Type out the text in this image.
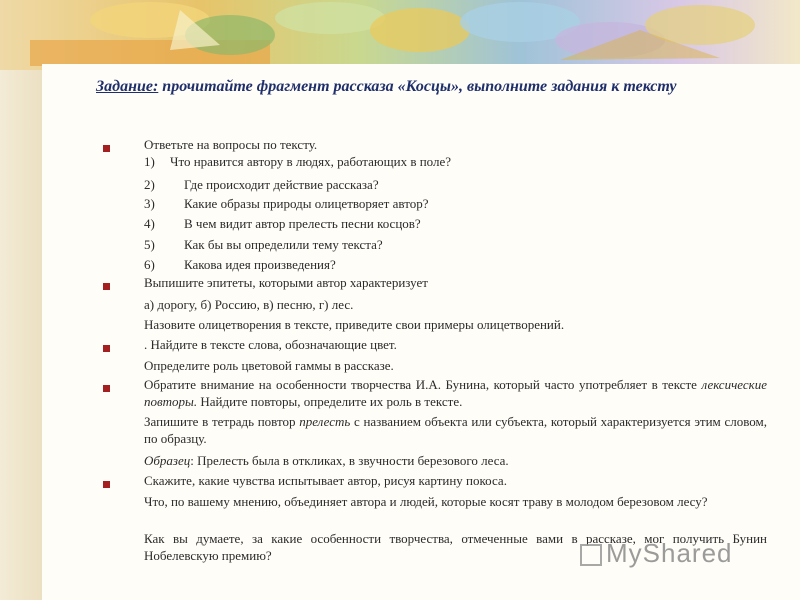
Задание: прочитайте фрагмент рассказа «Косцы», выполните задания к тексту
Ответьте на вопросы по тексту.
1) Что нравится автору в людях, работающих в поле?
2) Где происходит действие рассказа?
3) Какие образы природы олицетворяет автор?
4) В чем видит автор прелесть песни косцов?
5) Как бы вы определили тему текста?
6) Какова идея произведения?
Выпишите эпитеты, которыми автор характеризует
а) дорогу, б) Россию, в) песню, г) лес.
Назовите олицетворения в тексте, приведите свои примеры олицетворений.
. Найдите в тексте слова, обозначающие цвет.
Определите роль цветовой гаммы в рассказе.
Обратите внимание на особенности творчества И.А. Бунина, который часто употребляет в тексте лексические повторы. Найдите повторы, определите их роль в тексте.
Запишите в тетрадь повтор прелесть с названием объекта или субъекта, который характеризуется этим словом, по образцу.
Образец: Прелесть была в откликах, в звучности березового леса.
Скажите, какие чувства испытывает автор, рисуя картину покоса.
Что, по вашему мнению, объединяет автора и людей, которые косят траву в молодом березовом лесу?
Как вы думаете, за какие особенности творчества, отмеченные вами в рассказе, мог получить Бунин Нобелевскую премию?	MyShared
